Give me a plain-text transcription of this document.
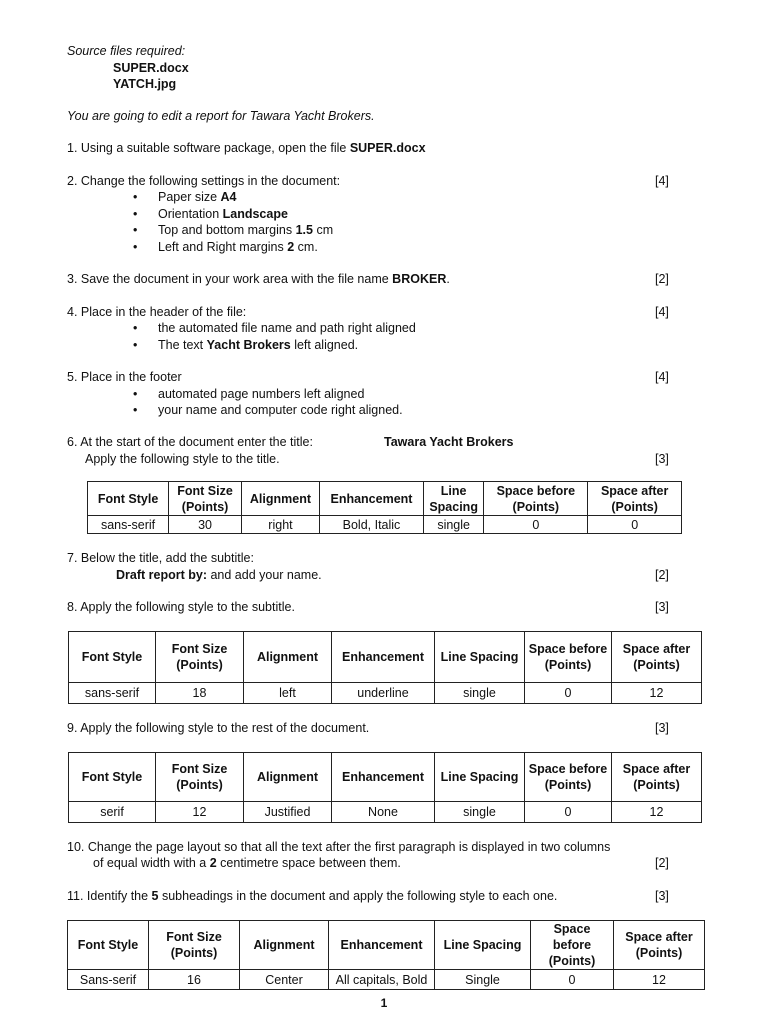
Source files required:
SUPER.docx
YATCH.jpg
You are going to edit a report for Tawara Yacht Brokers.
1. Using a suitable software package, open the file SUPER.docx
2. Change the following settings in the document:	[4]
• Paper size A4
• Orientation Landscape
• Top and bottom margins 1.5 cm
• Left and Right margins 2 cm.
3. Save the document in your work area with the file name BROKER.	[2]
4. Place in the header of the file:	[4]
• the automated file name and path right aligned
• The text Yacht Brokers left aligned.
5. Place in the footer	[4]
• automated page numbers left aligned
• your name and computer code right aligned.
6. At the start of the document enter the title:	Tawara Yacht Brokers
Apply the following style to the title.	[3]
Font Style	Font Size (Points)	Alignment	Enhancement	Line Spacing	Space before (Points)	Space after (Points)
sans-serif	30	right	Bold, Italic	single	0	0
7. Below the title, add the subtitle:
Draft report by: and add your name.	[2]
8. Apply the following style to the subtitle.	[3]
Font Style	Font Size (Points)	Alignment	Enhancement	Line Spacing	Space before (Points)	Space after (Points)
sans-serif	18	left	underline	single	0	12
9. Apply the following style to the rest of the document.	[3]
Font Style	Font Size (Points)	Alignment	Enhancement	Line Spacing	Space before (Points)	Space after (Points)
serif	12	Justified	None	single	0	12
10. Change the page layout so that all the text after the first paragraph is displayed in two columns
of equal width with a 2 centimetre space between them.	[2]
11. Identify the 5 subheadings in the document and apply the following style to each one.	[3]
Font Style	Font Size (Points)	Alignment	Enhancement	Line Spacing	Space before (Points)	Space after (Points)
Sans-serif	16	Center	All capitals, Bold	Single	0	12
1
